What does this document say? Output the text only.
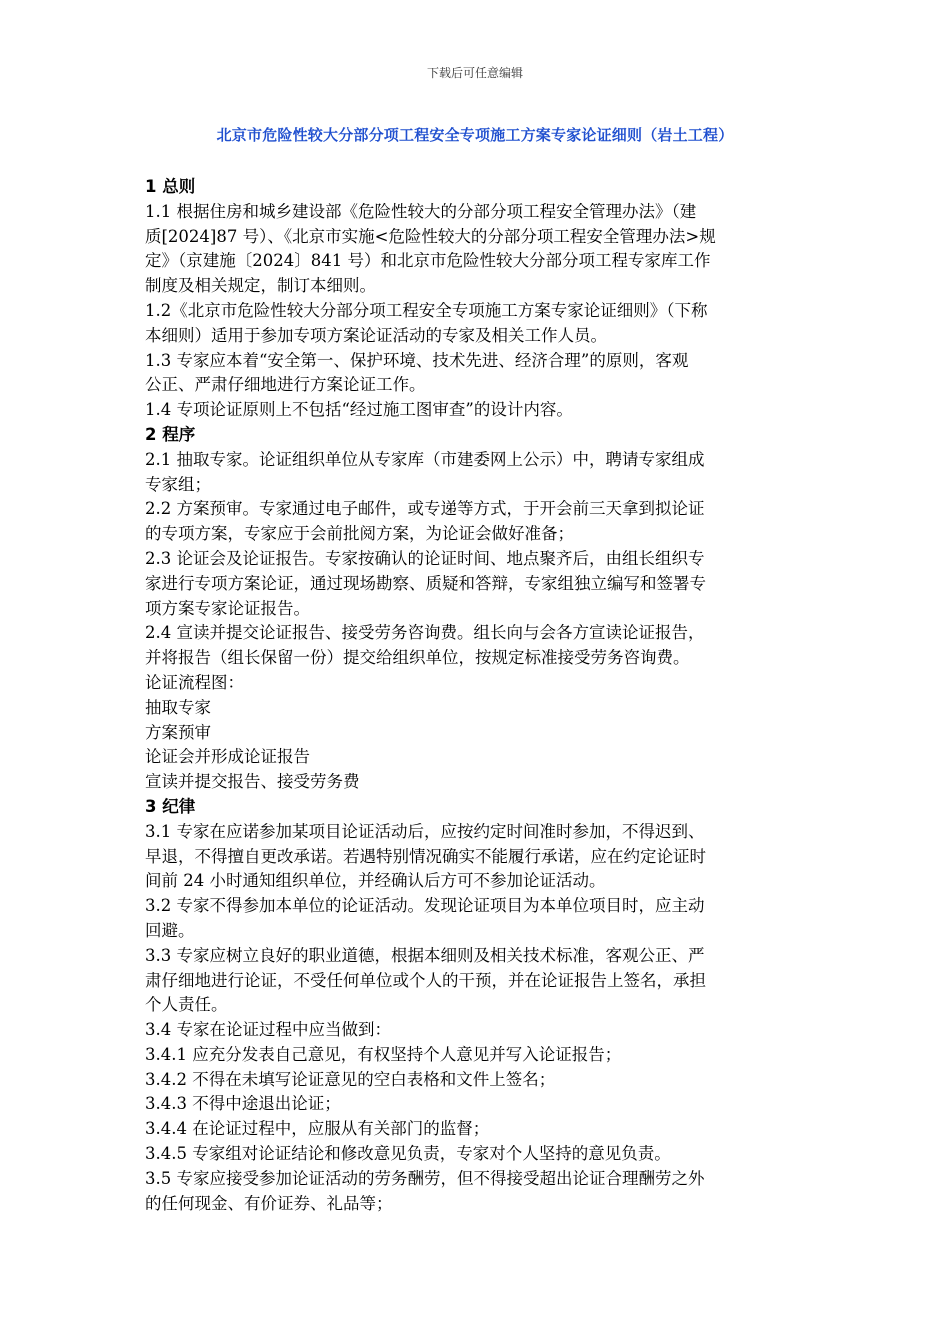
下载后可任意编辑
北京市危险性较大分部分项工程安全专项施工方案专家论证细则（岩土工程）
1 总则
1.1 根据住房和城乡建设部《危险性较大的分部分项工程安全管理办法》（建
质[2024]87 号）、《北京市实施<危险性较大的分部分项工程安全管理办法>规
定》（京建施〔2024〕841 号）和北京市危险性较大分部分项工程专家库工作
制度及相关规定，制订本细则。
1.2《北京市危险性较大分部分项工程安全专项施工方案专家论证细则》（下称
本细则）适用于参加专项方案论证活动的专家及相关工作人员。
1.3 专家应本着“安全第一、保护环境、技术先进、经济合理”的原则，客观
公正、严肃仔细地进行方案论证工作。
1.4 专项论证原则上不包括“经过施工图审查”的设计内容。
2 程序
2.1 抽取专家。论证组织单位从专家库（市建委网上公示）中，聘请专家组成
专家组；
2.2 方案预审。专家通过电子邮件，或专递等方式，于开会前三天拿到拟论证
的专项方案，专家应于会前批阅方案，为论证会做好准备；
2.3 论证会及论证报告。专家按确认的论证时间、地点聚齐后，由组长组织专
家进行专项方案论证，通过现场勘察、质疑和答辩，专家组独立编写和签署专
项方案专家论证报告。
2.4 宣读并提交论证报告、接受劳务咨询费。组长向与会各方宣读论证报告，
并将报告（组长保留一份）提交给组织单位，按规定标准接受劳务咨询费。
论证流程图：
抽取专家
方案预审
论证会并形成论证报告
宣读并提交报告、接受劳务费
3 纪律
3.1 专家在应诺参加某项目论证活动后，应按约定时间准时参加，不得迟到、
早退，不得擅自更改承诺。若遇特别情况确实不能履行承诺，应在约定论证时
间前 24 小时通知组织单位，并经确认后方可不参加论证活动。
3.2 专家不得参加本单位的论证活动。发现论证项目为本单位项目时，应主动
回避。
3.3 专家应树立良好的职业道德，根据本细则及相关技术标准，客观公正、严
肃仔细地进行论证，不受任何单位或个人的干预，并在论证报告上签名，承担
个人责任。
3.4 专家在论证过程中应当做到：
3.4.1 应充分发表自己意见，有权坚持个人意见并写入论证报告；
3.4.2 不得在未填写论证意见的空白表格和文件上签名；
3.4.3 不得中途退出论证；
3.4.4 在论证过程中，应服从有关部门的监督；
3.4.5 专家组对论证结论和修改意见负责，专家对个人坚持的意见负责。
3.5 专家应接受参加论证活动的劳务酬劳，但不得接受超出论证合理酬劳之外
的任何现金、有价证券、礼品等；
